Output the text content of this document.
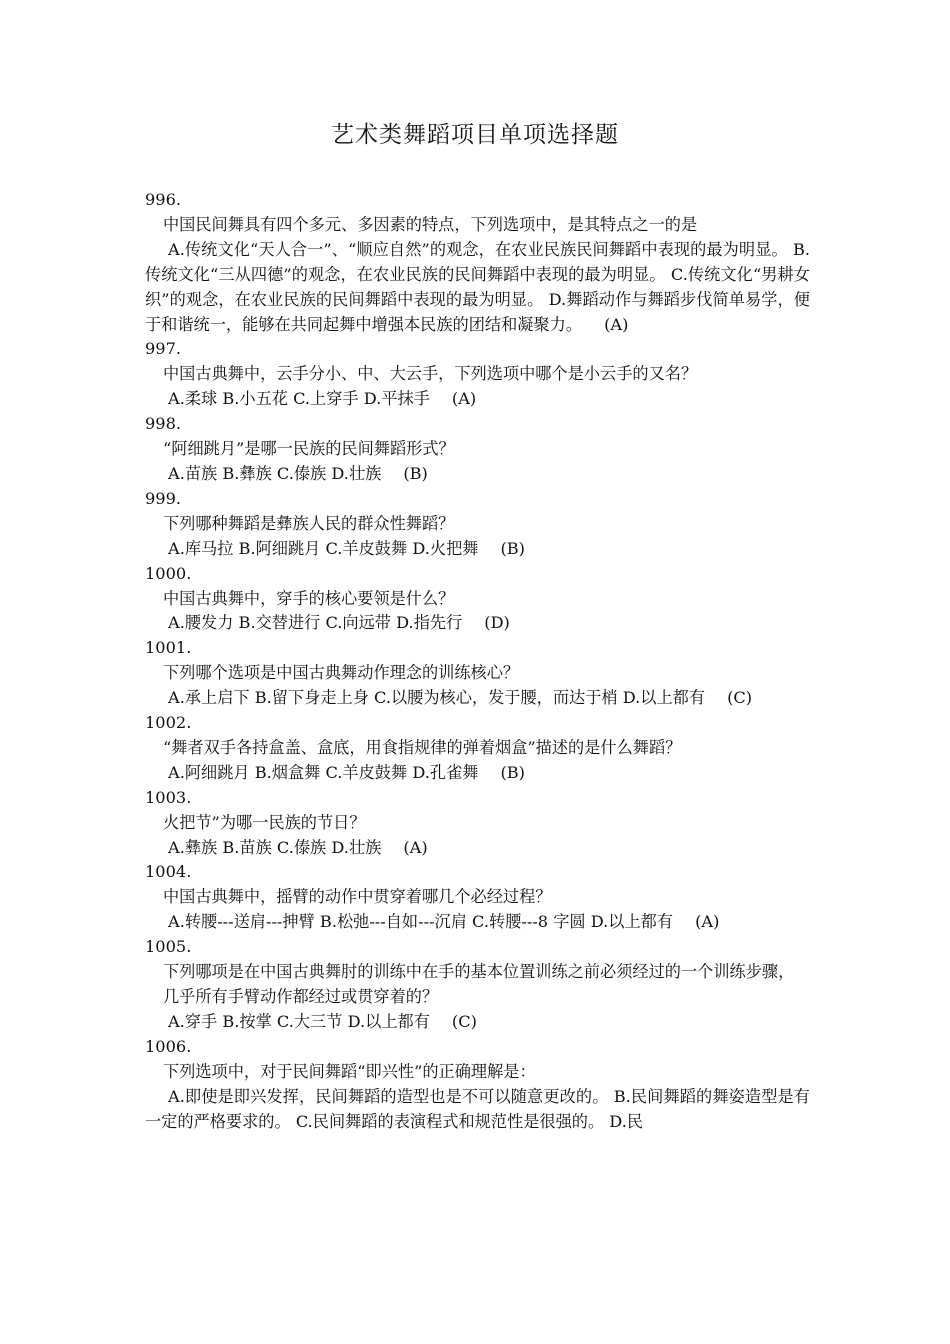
艺术类舞蹈项目单项选择题

996.

中国民间舞具有四个多元、多因素的特点，下列选项中，是其特点之一的是

A.传统文化“天人合一”、“顺应自然”的观念，在农业民族民间舞蹈中表现的最为明显。 B.传统文化“三从四德”的观念，在农业民族的民间舞蹈中表现的最为明显。 C.传统文化“男耕女织”的观念，在农业民族的民间舞蹈中表现的最为明显。 D.舞蹈动作与舞蹈步伐简单易学，便于和谐统一，能够在共同起舞中增强本民族的团结和凝聚力。 (A)

997.

中国古典舞中，云手分小、中、大云手，下列选项中哪个是小云手的又名？

A.柔球 B.小五花 C.上穿手 D.平抹手 (A)

998.

“阿细跳月”是哪一民族的民间舞蹈形式？

A.苗族 B.彝族 C.傣族 D.壮族 (B)

999.

下列哪种舞蹈是彝族人民的群众性舞蹈？

A.库马拉 B.阿细跳月 C.羊皮鼓舞 D.火把舞 (B)

1000.

中国古典舞中，穿手的核心要领是什么？

A.腰发力 B.交替进行 C.向远带 D.指先行 (D)

1001.

下列哪个选项是中国古典舞动作理念的训练核心？

A.承上启下 B.留下身走上身 C.以腰为核心，发于腰，而达于梢 D.以上都有 (C)

1002.

“舞者双手各持盒盖、盒底，用食指规律的弹着烟盒”描述的是什么舞蹈？

A.阿细跳月 B.烟盒舞 C.羊皮鼓舞 D.孔雀舞 (B)

1003.

火把节”为哪一民族的节日？

A.彝族 B.苗族 C.傣族 D.壮族 (A)

1004.

中国古典舞中，摇臂的动作中贯穿着哪几个必经过程？

A.转腰---送肩---抻臂 B.松弛---自如---沉肩 C.转腰---8 字圆 D.以上都有 (A)

1005.

下列哪项是在中国古典舞肘的训练中在手的基本位置训练之前必须经过的一个训练步骤，几乎所有手臂动作都经过或贯穿着的？

A.穿手 B.按掌 C.大三节 D.以上都有 (C)

1006.

下列选项中，对于民间舞蹈“即兴性”的正确理解是：

A.即使是即兴发挥，民间舞蹈的造型也是不可以随意更改的。 B.民间舞蹈的舞姿造型是有一定的严格要求的。 C.民间舞蹈的表演程式和规范性是很强的。 D.民
